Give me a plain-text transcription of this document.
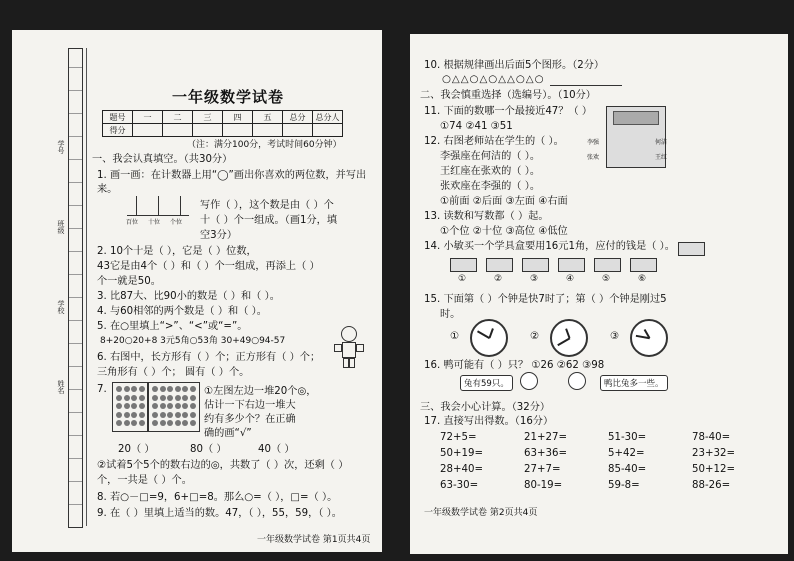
学号
班级
学校
姓名
一年级数学试卷
题号	一	二	三	四	五	总分	总分人
得分							
（注：满分100分，考试时间60分钟）
一、我会认真填空。（共30分）
1. 画一画：在计数器上用“◯”画出你喜欢的两位数，并写出
来。
百位 十位 个位
写作（ ），这个数是由（ ）个
十（ ）个一组成。（画1分，填
空3分）
2. 10个十是（ ），它是（ ）位数，
43它是由4个（ ）和（ ）个一组成，再添上（ ）
个一就是50。
3. 比87大、比90小的数是（ ）和（ ）。
4. 与60相邻的两个数是（ ）和（ ）。
5. 在○里填上“>”、“<”或“=”。
8+20○20+8 3元5角○53角 30+49○94-57
6. 右图中，长方形有（ ）个；正方形有（ ）个；
三角形有（ ）个； 圆有（ ）个。
7.	①左图左边一堆20个◎，
估计一下右边一堆大
约有多少个？在正确
确的画“√”
20（ ）	80（ ）	40（ ）
②试着5个5个的数右边的◎，共数了（ ）次，还剩（ ）
个，一共是（ ）个。
8. 若○－□=9，6+□=8。那么○=（ ），□=（ ）。
9. 在（ ）里填上适当的数。47，（ ），55，59，（ ）。
一年级数学试卷 第1页共4页
10. 根据规律画出后面5个图形。（2分）
○△△○△○△△○△○
二、我会慎重选择（选编号）。（10分）
11. 下面的数哪一个最接近47？（ ）
①74 ②41 ③51
12. 右图老师站在学生的（ ）。
李强座在何洁的（ ）。
王红座在张欢的（ ）。
张欢座在李强的（ ）。
①前面 ②后面 ③左面 ④右面
李强	何洁
张欢	王红
13. 读数和写数都（ ）起。
①个位 ②十位 ③高位 ④低位
14. 小敏买一个学具盒要用16元1角，应付的钱是（ ）。
①	②	③	④	⑤	⑥
15. 下面第（ ）个钟是快7时了；第（ ）个钟是刚过5
时。
①	②	③
16. 鸭可能有（ ）只？ ①26 ②62 ③98
兔有59只。	鸭比兔多一些。
三、我会小心计算。（32分）
17. 直接写出得数。（16分）
72+5=	21+27=	51-30=	78-40=
50+19=	63+36=	5+42=	23+32=
28+40=	27+7=	85-40=	50+12=
63-30=	80-19=	59-8=	88-26=
一年级数学试卷 第2页共4页
